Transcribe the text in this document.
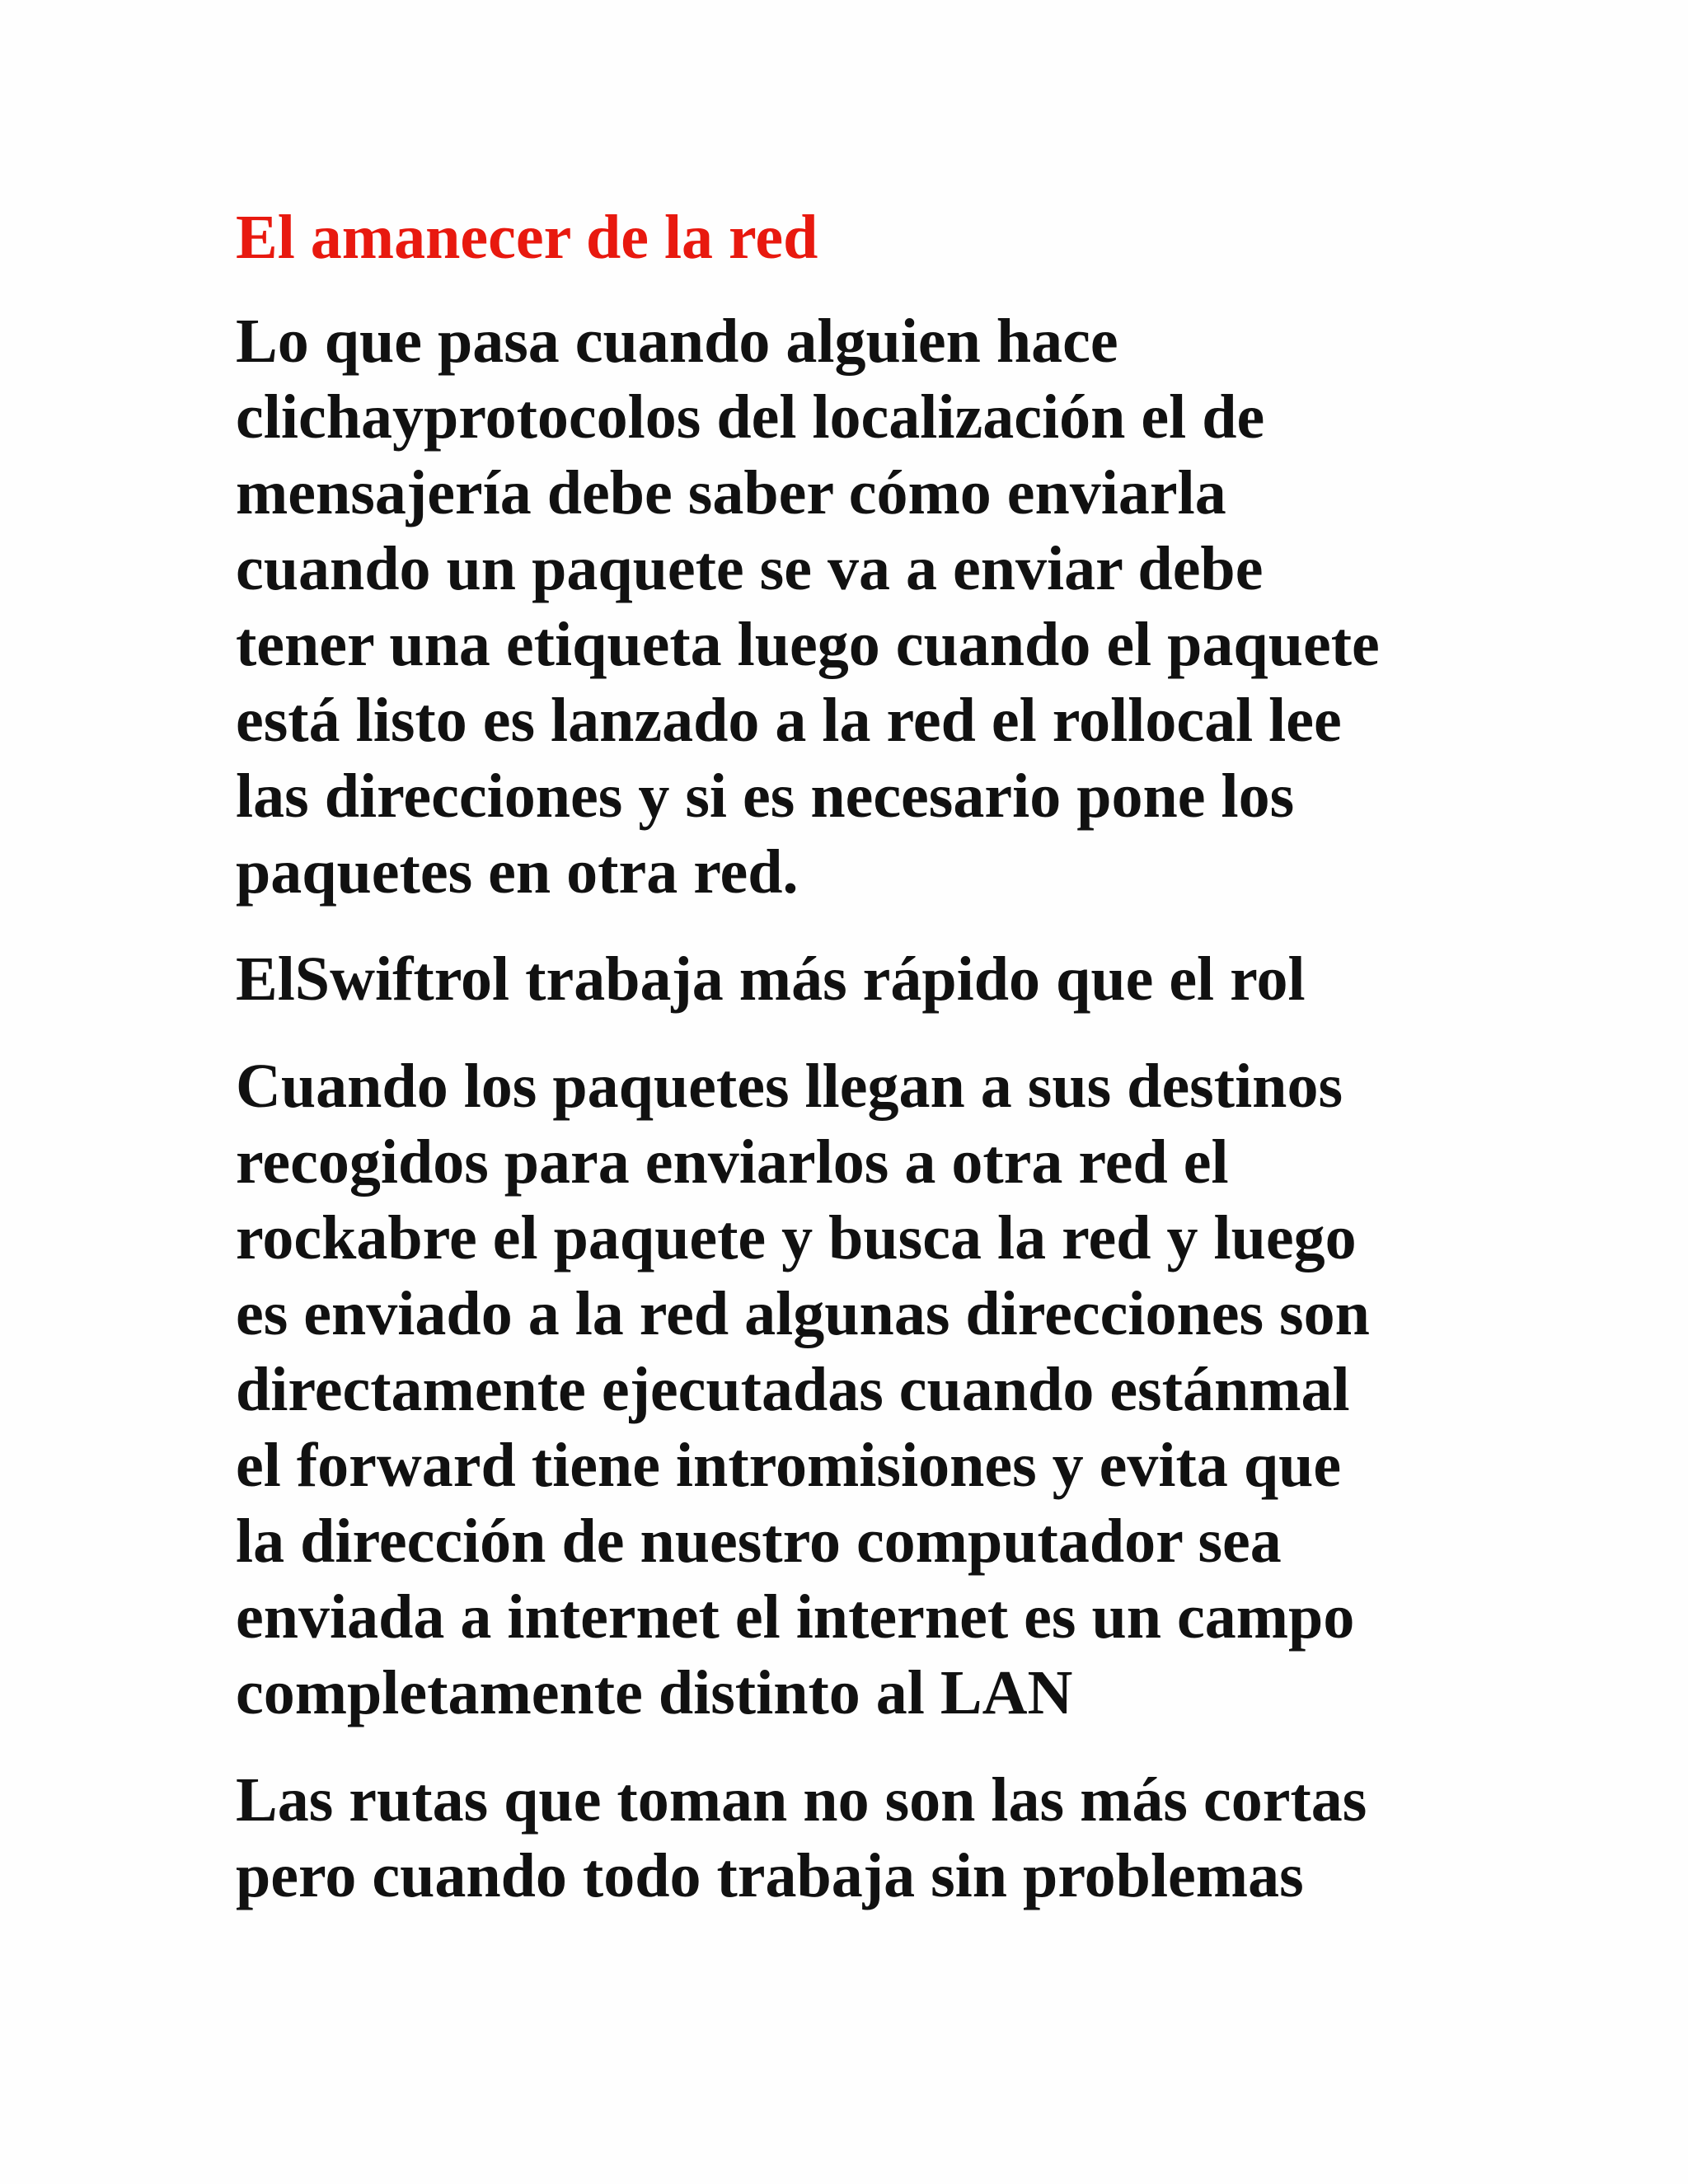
El amanecer de la red
Lo que pasa cuando alguien hace
clichayprotocolos del localización el de
mensajería debe saber cómo enviarla
cuando un paquete se va a enviar debe
tener una etiqueta luego cuando el paquete
está listo es lanzado a la red el rollocal lee
las direcciones y si es necesario pone los
paquetes en otra red.
ElSwiftrol trabaja más rápido que el rol
Cuando los paquetes llegan a sus destinos
recogidos para enviarlos a otra red el
rockabre el paquete y busca la red y luego
es enviado a la red algunas direcciones son
directamente ejecutadas cuando estánmal
el forward tiene intromisiones y evita que
la dirección de nuestro computador sea
enviada a internet el internet es un campo
completamente distinto al LAN
Las rutas que toman no son las más cortas
pero cuando todo trabaja sin problemas
